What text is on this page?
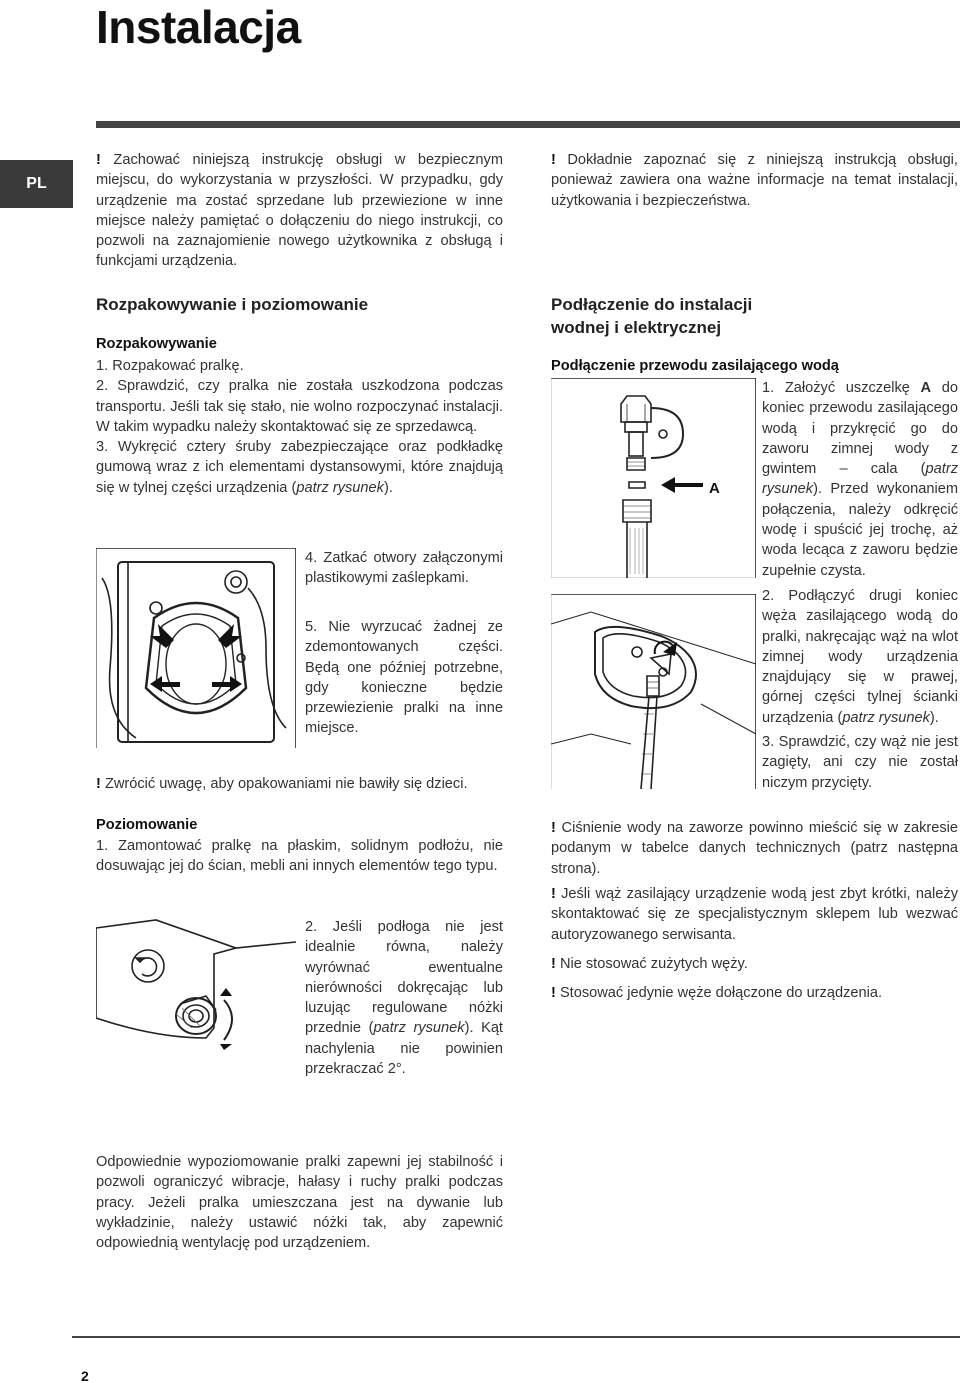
Instalacja
PL
! Zachować niniejszą instrukcję obsługi w bezpiecznym miejscu, do wykorzystania w przyszłości. W przypadku, gdy urządzenie ma zostać sprzedane lub przewiezione w inne miejsce należy pamiętać o dołączeniu do niego instrukcji, co pozwoli na zaznajomienie nowego użytkownika z obsługą i funkcjami urządzenia.
Rozpakowywanie i poziomowanie
Rozpakowywanie
1. Rozpakować pralkę.
2. Sprawdzić, czy pralka nie została uszkodzona podczas transportu. Jeśli tak się stało, nie wolno rozpoczynać instalacji. W takim wypadku należy skontaktować się ze sprzedawcą.
3. Wykręcić cztery śruby zabezpieczające oraz podkładkę gumową wraz z ich elementami dystansowymi, które znajdują się w tylnej części urządzenia (patrz rysunek).
4. Zatkać otwory załączonymi plastikowymi zaślepkami.
5. Nie wyrzucać żadnej ze zdemontowanych części. Będą one później potrzebne, gdy konieczne będzie przewiezienie pralki na inne miejsce.
! Zwrócić uwagę, aby opakowaniami nie bawiły się dzieci.
Poziomowanie
1. Zamontować pralkę na płaskim, solidnym podłożu, nie dosuwając jej do ścian, mebli ani innych elementów tego typu.
2. Jeśli podłoga nie jest idealnie równa, należy wyrównać ewentualne nierówności dokręcając lub luzując regulowane nóżki przednie (patrz rysunek). Kąt nachylenia nie powinien przekraczać 2°.
Odpowiednie wypoziomowanie pralki zapewni jej stabilność i pozwoli ograniczyć wibracje, hałasy i ruchy pralki podczas pracy. Jeżeli pralka umieszczana jest na dywanie lub wykładzinie, należy ustawić nóżki tak, aby zapewnić odpowiednią wentylację pod urządzeniem.
! Dokładnie zapoznać się z niniejszą instrukcją obsługi, ponieważ zawiera ona ważne informacje na temat instalacji, użytkowania i bezpieczeństwa.
Podłączenie do instalacji
wodnej i elektrycznej
Podłączenie przewodu zasilającego wodą
A
1. Założyć uszczelkę A do koniec przewodu zasilającego wodą i przykręcić go do zaworu zimnej wody z gwintem – cala (patrz rysunek). Przed wykonaniem połączenia, należy odkręcić wodę i spuścić jej trochę, aż woda lecąca z zaworu będzie zupełnie czysta.
2. Podłączyć drugi koniec węża zasilającego wodą do pralki, nakręcając wąż na wlot zimnej wody urządzenia znajdujący się w prawej, górnej części tylnej ścianki urządzenia (patrz rysunek).
3. Sprawdzić, czy wąż nie jest zagięty, ani czy nie został niczym przycięty.
! Ciśnienie wody na zaworze powinno mieścić się w zakresie podanym w tabelce danych technicznych (patrz następna strona).
! Jeśli wąż zasilający urządzenie wodą jest zbyt krótki, należy skontaktować się ze specjalistycznym sklepem lub wezwać autoryzowanego serwisanta.
! Nie stosować zużytych węży.
! Stosować jedynie węże dołączone do urządzenia.
2
